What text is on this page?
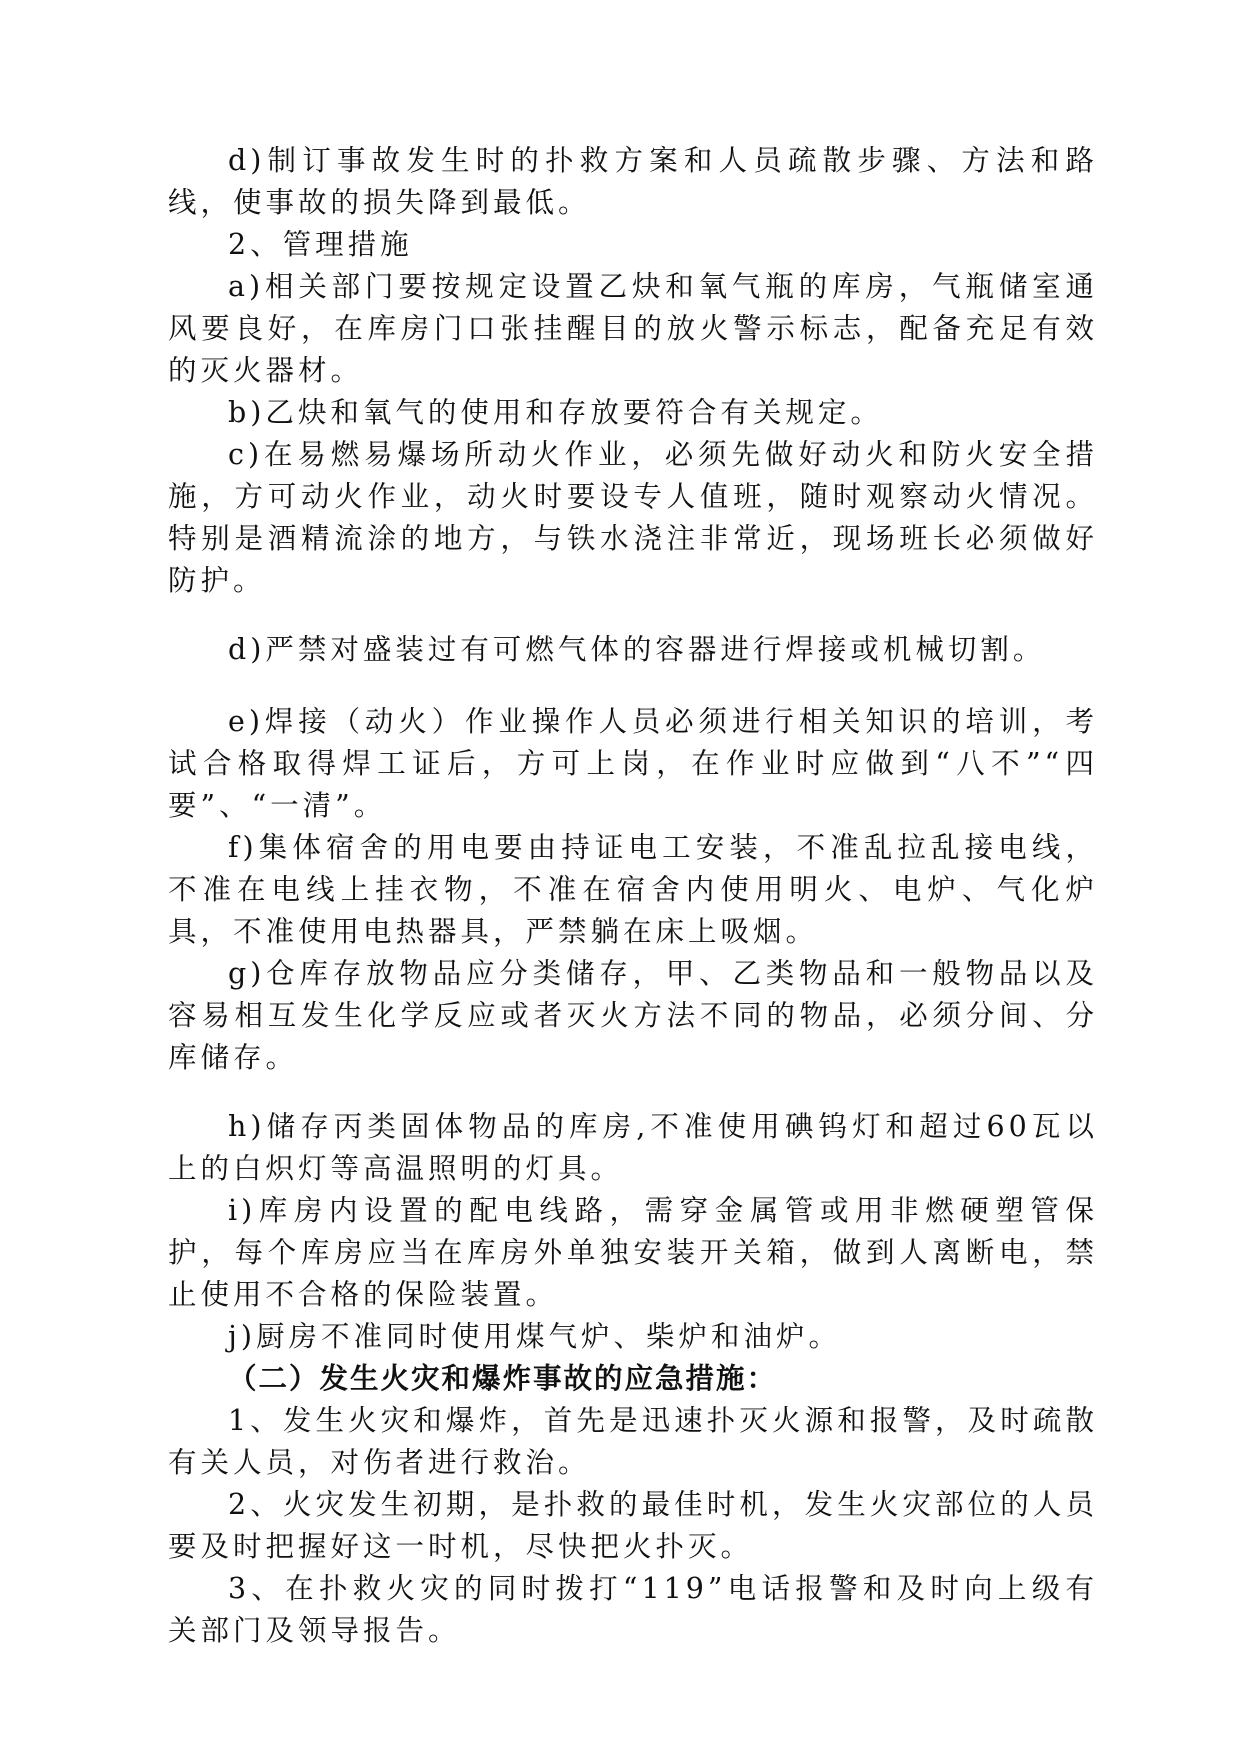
d)制订事故发生时的扑救方案和人员疏散步骤、方法和路线，使事故的损失降到最低。

2、管理措施

a)相关部门要按规定设置乙炔和氧气瓶的库房，气瓶储室通风要良好，在库房门口张挂醒目的放火警示标志，配备充足有效的灭火器材。

b)乙炔和氧气的使用和存放要符合有关规定。

c)在易燃易爆场所动火作业，必须先做好动火和防火安全措施，方可动火作业，动火时要设专人值班，随时观察动火情况。特别是酒精流涂的地方，与铁水浇注非常近，现场班长必须做好防护。

d)严禁对盛装过有可燃气体的容器进行焊接或机械切割。

e)焊接（动火）作业操作人员必须进行相关知识的培训，考试合格取得焊工证后，方可上岗，在作业时应做到“八不”“四要”、“一清”。

f)集体宿舍的用电要由持证电工安装，不准乱拉乱接电线，不准在电线上挂衣物，不准在宿舍内使用明火、电炉、气化炉具，不准使用电热器具，严禁躺在床上吸烟。

g)仓库存放物品应分类储存，甲、乙类物品和一般物品以及容易相互发生化学反应或者灭火方法不同的物品，必须分间、分库储存。

h)储存丙类固体物品的库房,不准使用碘钨灯和超过60瓦以上的白炽灯等高温照明的灯具。

i)库房内设置的配电线路，需穿金属管或用非燃硬塑管保护，每个库房应当在库房外单独安装开关箱，做到人离断电，禁止使用不合格的保险装置。

j)厨房不准同时使用煤气炉、柴炉和油炉。

（二）发生火灾和爆炸事故的应急措施：

1、发生火灾和爆炸，首先是迅速扑灭火源和报警，及时疏散有关人员，对伤者进行救治。

2、火灾发生初期，是扑救的最佳时机，发生火灾部位的人员要及时把握好这一时机，尽快把火扑灭。

3、在扑救火灾的同时拨打“119”电话报警和及时向上级有关部门及领导报告。
